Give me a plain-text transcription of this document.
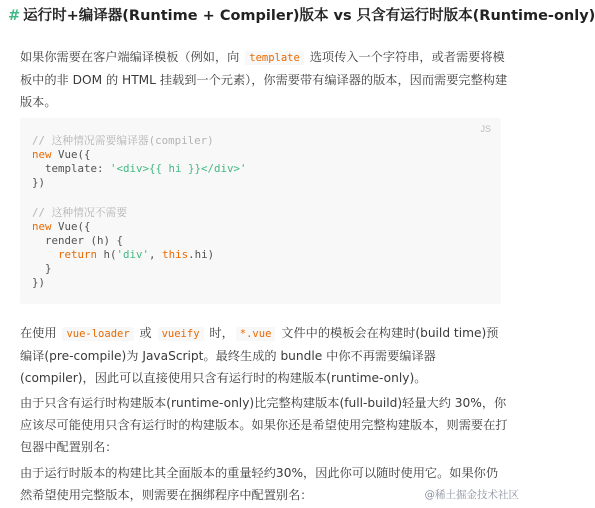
# 运行时+编译器(Runtime + Compiler)版本 vs 只含有运行时版本(Runtime-only)
如果你需要在客户端编译模板（例如，向 template 选项传入一个字符串，或者需要将模板中的非 DOM 的 HTML 挂载到一个元素），你需要带有编译器的版本，因而需要完整构建版本。
JS
// 这种情况需要编译器(compiler)
new Vue({
template: '<div>{{ hi }}</div>'
})
// 这种情况不需要
new Vue({
render (h) {
return h('div', this.hi)
}
})
在使用 vue-loader 或 vueify 时， *.vue 文件中的模板会在构建时(build time)预编译(pre-compile)为 JavaScript。最终生成的 bundle 中你不再需要编译器(compiler)，因此可以直接使用只含有运行时的构建版本(runtime-only)。
由于只含有运行时构建版本(runtime-only)比完整构建版本(full-build)轻量大约 30%，你应该尽可能使用只含有运行时的构建版本。如果你还是希望使用完整构建版本，则需要在打包器中配置别名：
由于运行时版本的构建比其全面版本的重量轻约30%，因此你可以随时使用它。如果你仍然希望使用完整版本，则需要在捆绑程序中配置别名：	@稀土掘金技术社区
